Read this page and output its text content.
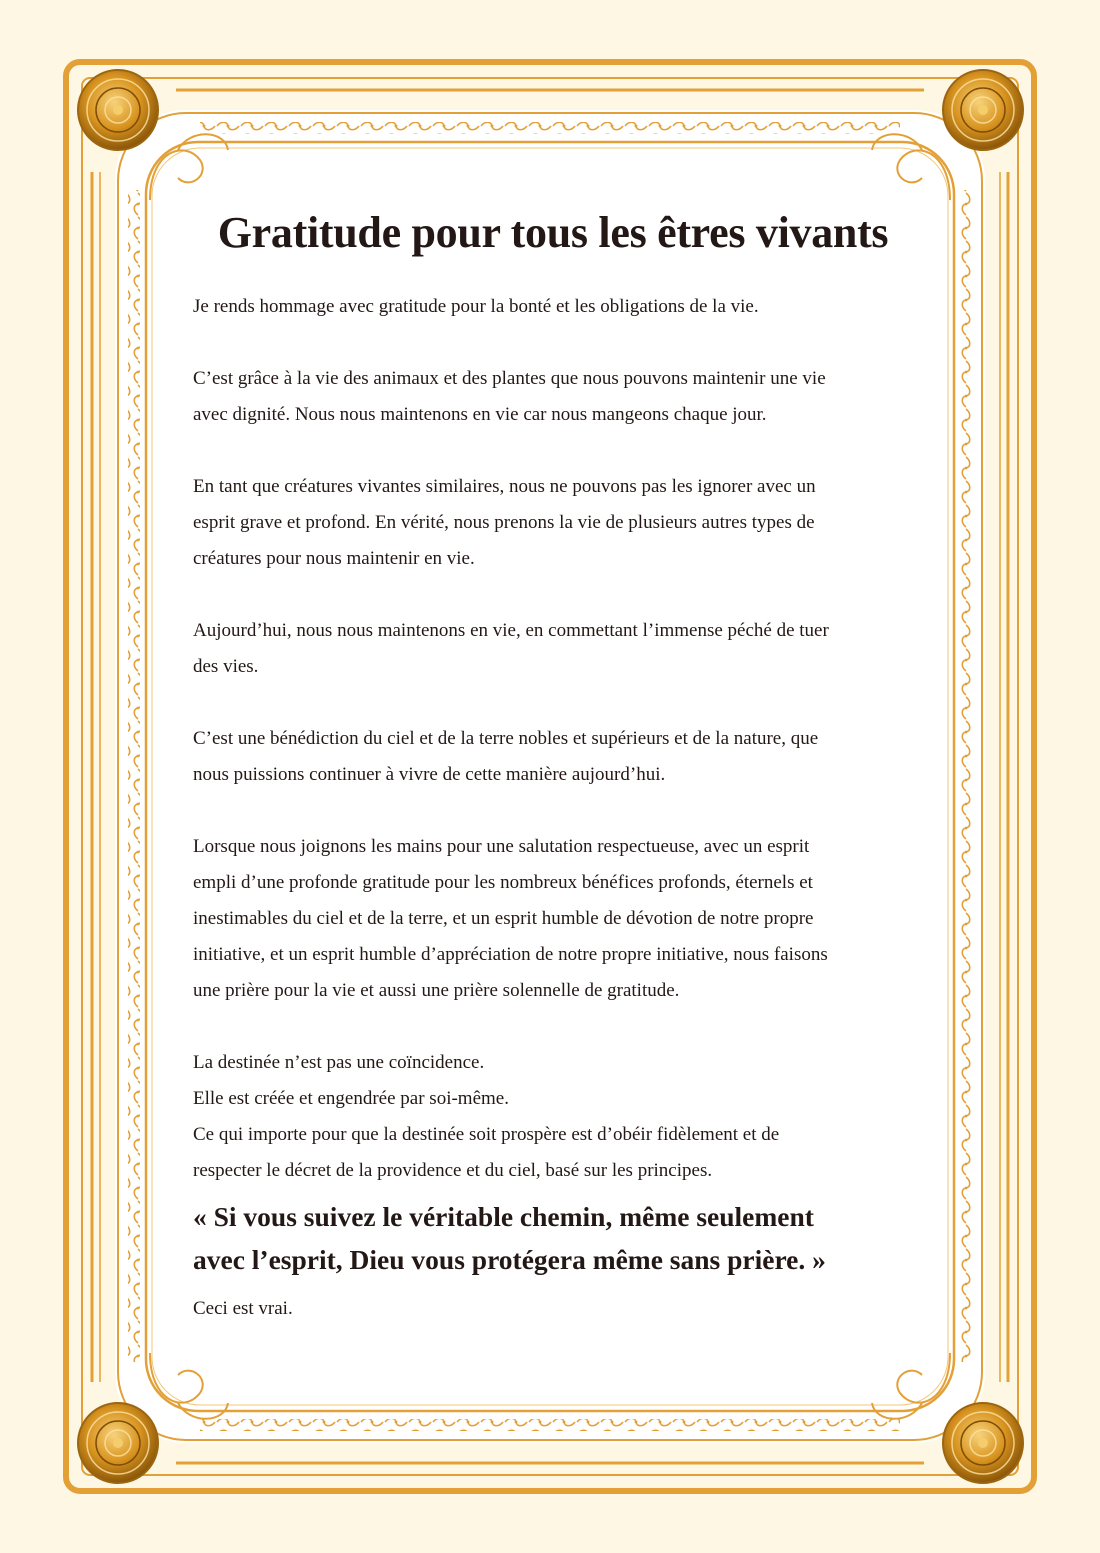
Gratitude pour tous les êtres vivants

Je rends hommage avec gratitude pour la bonté et les obligations de la vie.

C’est grâce à la vie des animaux et des plantes que nous pouvons maintenir une vie
avec dignité. Nous nous maintenons en vie car nous mangeons chaque jour.

En tant que créatures vivantes similaires, nous ne pouvons pas les ignorer avec un
esprit grave et profond. En vérité, nous prenons la vie de plusieurs autres types de
créatures pour nous maintenir en vie.

Aujourd’hui, nous nous maintenons en vie, en commettant l’immense péché de tuer
des vies.

C’est une bénédiction du ciel et de la terre nobles et supérieurs et de la nature, que
nous puissions continuer à vivre de cette manière aujourd’hui.

Lorsque nous joignons les mains pour une salutation respectueuse, avec un esprit
empli d’une profonde gratitude pour les nombreux bénéfices profonds, éternels et
inestimables du ciel et de la terre, et un esprit humble de dévotion de notre propre
initiative, et un esprit humble d’appréciation de notre propre initiative, nous faisons
une prière pour la vie et aussi une prière solennelle de gratitude.

La destinée n’est pas une coïncidence.
Elle est créée et engendrée par soi-même.
Ce qui importe pour que la destinée soit prospère est d’obéir fidèlement et de
respecter le décret de la providence et du ciel, basé sur les principes.

« Si vous suivez le véritable chemin, même seulement
avec l’esprit, Dieu vous protégera même sans prière. »

Ceci est vrai.
